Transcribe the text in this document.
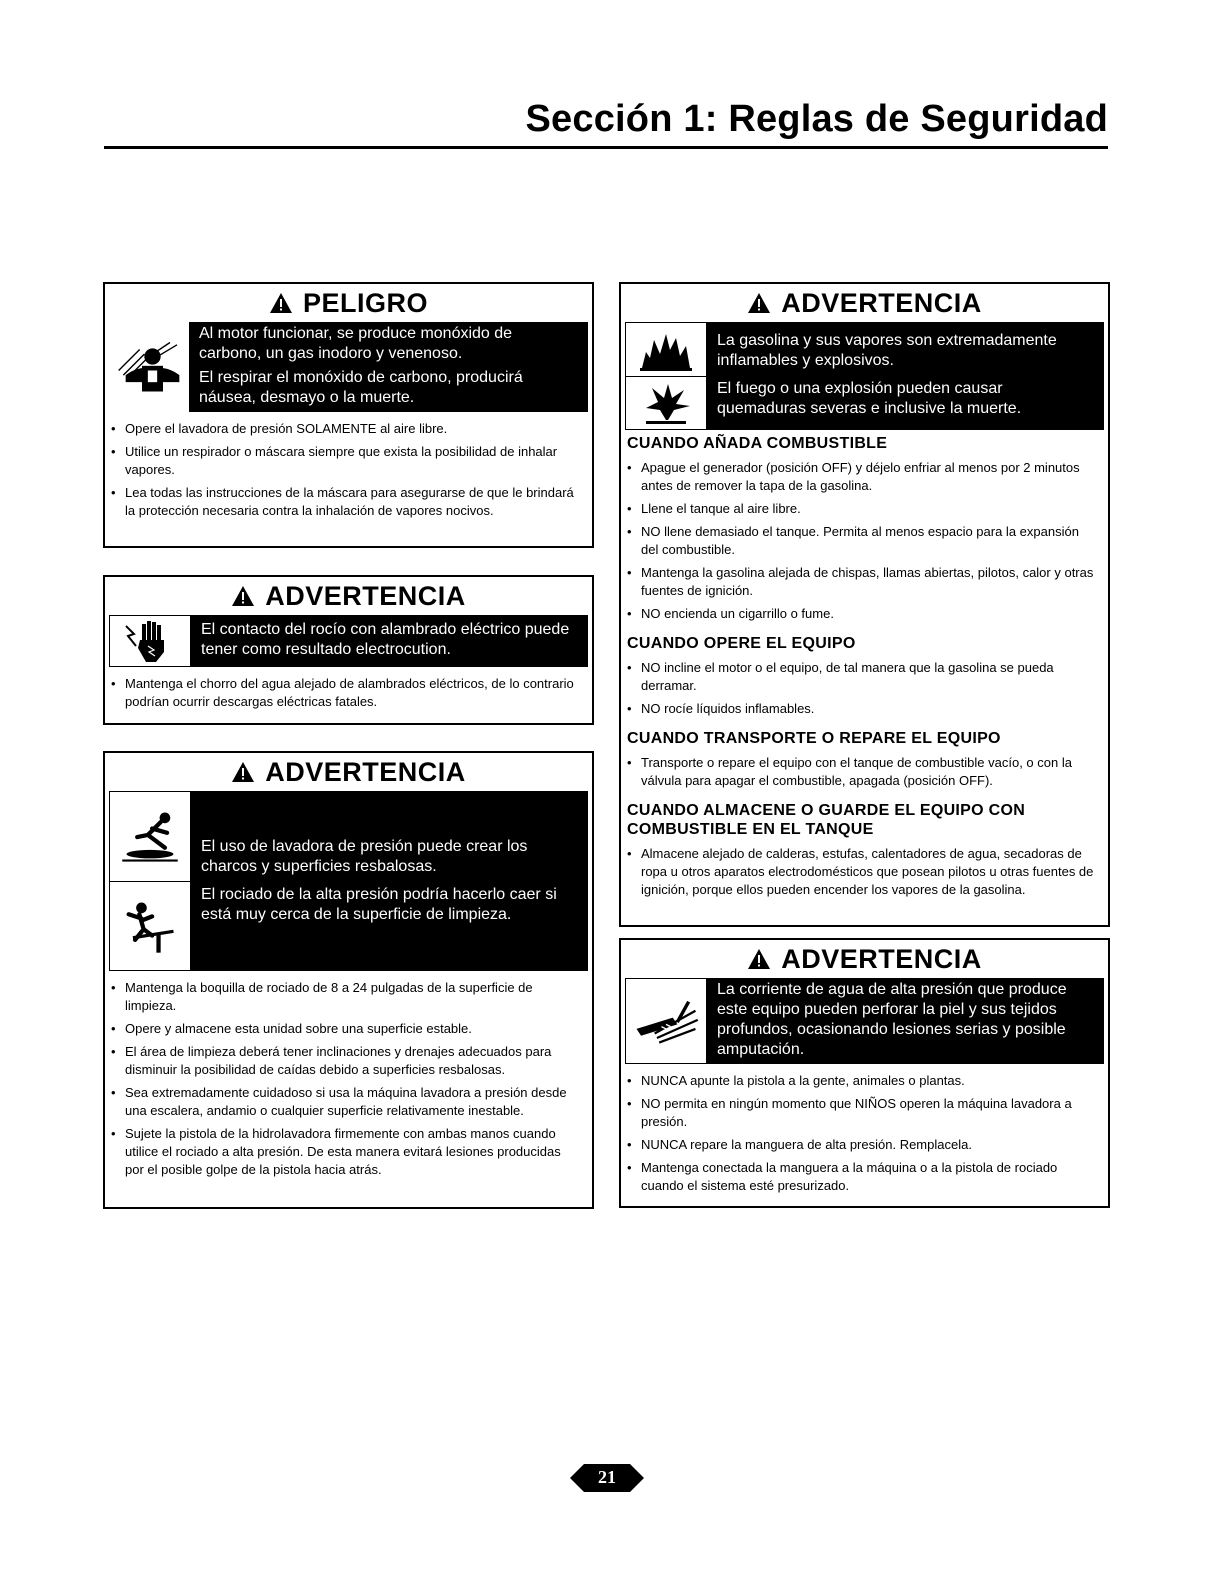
Sección 1: Reglas de Seguridad
PELIGRO

Al motor funcionar, se produce monóxido de carbono, un gas inodoro y venenoso.

El respirar el monóxido de carbono, producirá náusea, desmayo o la muerte.

• Opere el lavadora de presión SOLAMENTE al aire libre.
• Utilice un respirador o máscara siempre que exista la posibilidad de inhalar vapores.
• Lea todas las instrucciones de la máscara para asegurarse de que le brindará la protección necesaria contra la inhalación de vapores nocivos.
ADVERTENCIA

El contacto del rocío con alambrado eléctrico puede tener como resultado electrocution.

• Mantenga el chorro del agua alejado de alambrados eléctricos, de lo contrario podrían ocurrir descargas eléctricas fatales.
ADVERTENCIA

El uso de lavadora de presión puede crear los charcos y superficies resbalosas.

El rociado de la alta presión podría hacerlo caer si está muy cerca de la superficie de limpieza.

• Mantenga la boquilla de rociado de 8 a 24 pulgadas de la superficie de limpieza.
• Opere y almacene esta unidad sobre una superficie estable.
• El área de limpieza deberá tener inclinaciones y drenajes adecuados para disminuir la posibilidad de caídas debido a superficies resbalosas.
• Sea extremadamente cuidadoso si usa la máquina lavadora a presión desde una escalera, andamio o cualquier superficie relativamente inestable.
• Sujete la pistola de la hidrolavadora firmemente con ambas manos cuando utilice el rociado a alta presión. De esta manera evitará lesiones producidas por el posible golpe de la pistola hacia atrás.
ADVERTENCIA

La gasolina y sus vapores son extremadamente inflamables y explosivos.

El fuego o una explosión pueden causar quemaduras severas e inclusive la muerte.

CUANDO AÑADA COMBUSTIBLE
• Apague el generador (posición OFF) y déjelo enfriar al menos por 2 minutos antes de remover la tapa de la gasolina.
• Llene el tanque al aire libre.
• NO llene demasiado el tanque. Permita al menos espacio para la expansión del combustible.
• Mantenga la gasolina alejada de chispas, llamas abiertas, pilotos, calor y otras fuentes de ignición.
• NO encienda un cigarrillo o fume.
CUANDO OPERE EL EQUIPO
• NO incline el motor o el equipo, de tal manera que la gasolina se pueda derramar.
• NO rocíe líquidos inflamables.
CUANDO TRANSPORTE O REPARE EL EQUIPO
• Transporte o repare el equipo con el tanque de combustible vacío, o con la válvula para apagar el combustible, apagada (posición OFF).
CUANDO ALMACENE O GUARDE EL EQUIPO CON COMBUSTIBLE EN EL TANQUE
• Almacene alejado de calderas, estufas, calentadores de agua, secadoras de ropa u otros aparatos electrodomésticos que posean pilotos u otras fuentes de ignición, porque ellos pueden encender los vapores de la gasolina.
ADVERTENCIA

La corriente de agua de alta presión que produce este equipo pueden perforar la piel y sus tejidos profundos, ocasionando lesiones serias y posible amputación.

• NUNCA apunte la pistola a la gente, animales o plantas.
• NO permita en ningún momento que NIÑOS operen la máquina lavadora a presión.
• NUNCA repare la manguera de alta presión. Remplacela.
• Mantenga conectada la manguera a la máquina o a la pistola de rociado cuando el sistema esté presurizado.
21
